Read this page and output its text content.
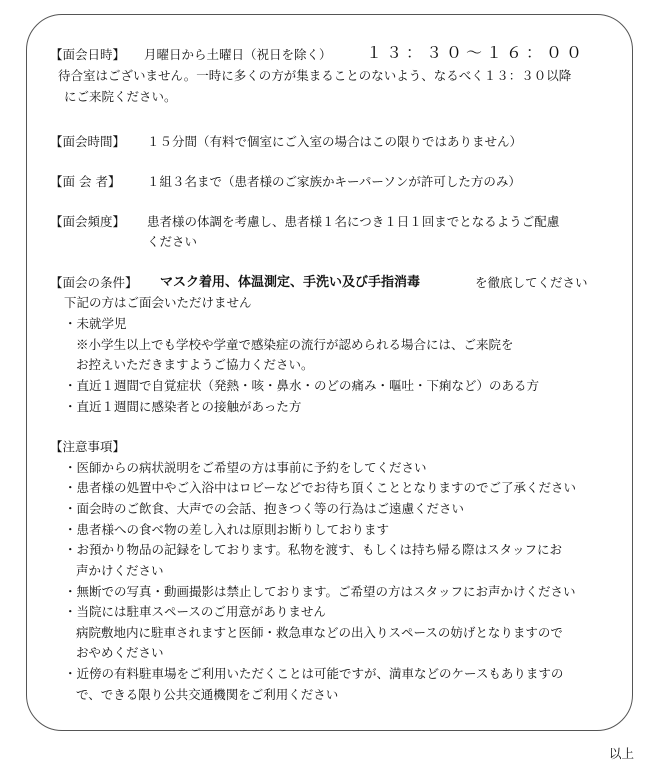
【面会日時】 月曜日から土曜日（祝日を除く） １３：３０〜１６：００
待合室はございません。一時に多くの方が集まることのないよう、なるべく１３：３０以降
にご来院ください。
【面会時間】 １５分間（有料で個室にご入室の場合はこの限りではありません）
【面 会 者】 １組３名まで（患者様のご家族かキーパーソンが許可した方のみ）
【面会頻度】 患者様の体調を考慮し、患者様１名につき１日１回までとなるようご配慮
ください
【面会の条件】 マスク着用、体温測定、手洗い及び手指消毒	を徹底してください
下記の方はご面会いただけません
・未就学児
※小学生以上でも学校や学童で感染症の流行が認められる場合には、ご来院を
お控えいただきますようご協力ください。
・直近１週間で自覚症状（発熱・咳・鼻水・のどの痛み・嘔吐・下痢など）のある方
・直近１週間に感染者との接触があった方
【注意事項】
・医師からの病状説明をご希望の方は事前に予約をしてください
・患者様の処置中やご入浴中はロビーなどでお待ち頂くこととなりますのでご了承ください
・面会時のご飲食、大声での会話、抱きつく等の行為はご遠慮ください
・患者様への食べ物の差し入れは原則お断りしております
・お預かり物品の記録をしております。私物を渡す、もしくは持ち帰る際はスタッフにお
声かけください
・無断での写真・動画撮影は禁止しております。ご希望の方はスタッフにお声かけください
・当院には駐車スペースのご用意がありません
病院敷地内に駐車されますと医師・救急車などの出入りスペースの妨げとなりますので
おやめください
・近傍の有料駐車場をご利用いただくことは可能ですが、満車などのケースもありますの
で、できる限り公共交通機関をご利用ください
以上
